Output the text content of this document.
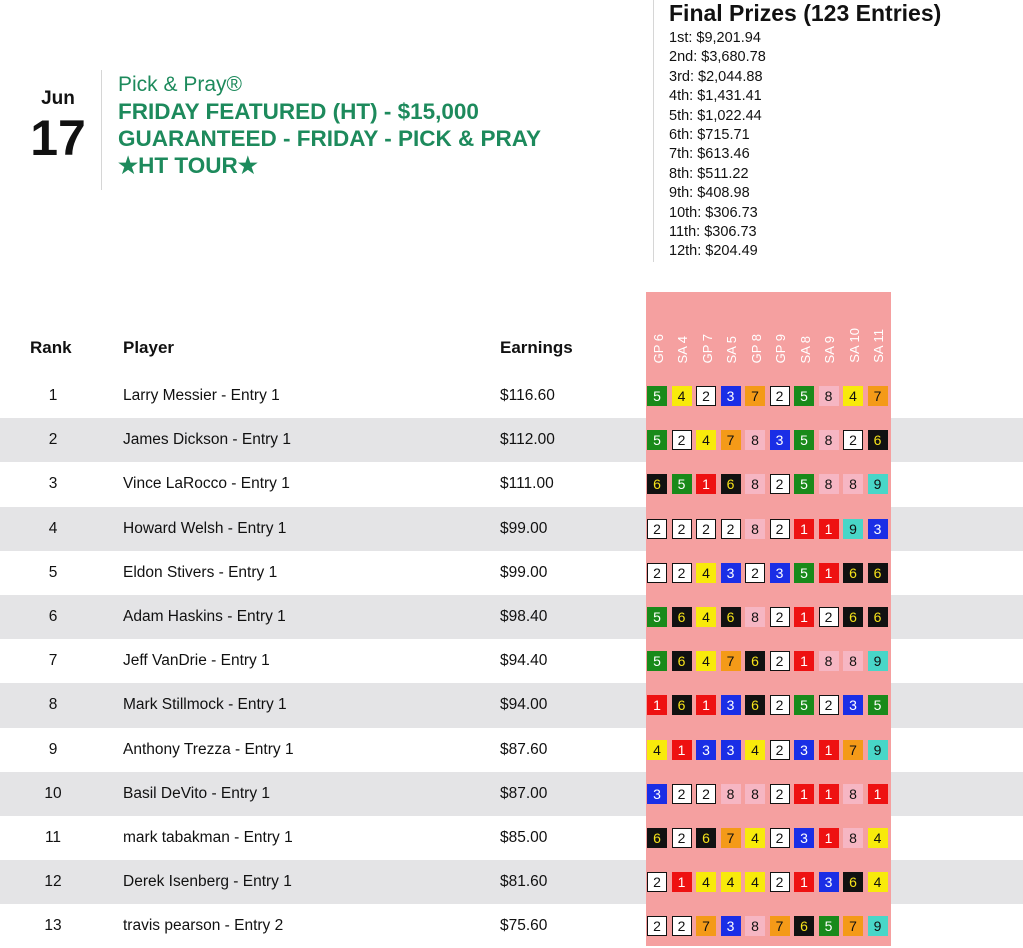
Jun
17
Pick & Pray®
FRIDAY FEATURED (HT) - $15,000
GUARANTEED - FRIDAY - PICK & PRAY
★HT TOUR★
Final Prizes (123 Entries)
1st: $9,201.94
2nd: $3,680.78
3rd: $2,044.88
4th: $1,431.41
5th: $1,022.44
6th: $715.71
7th: $613.46
8th: $511.22
9th: $408.98
10th: $306.73
11th: $306.73
12th: $204.49
Rank	Player	Earnings	GP 6 SA 4 GP 7 SA 5 GP 8 GP 9 SA 8 SA 9 SA 10 SA 11
1	Larry Messier - Entry 1	$116.60	5	4	2	3	7	2	5	8	4	7
2	James Dickson - Entry 1	$112.00	5	2	4	7	8	3	5	8	2	6
3	Vince LaRocco - Entry 1	$111.00	6	5	1	6	8	2	5	8	8	9
4	Howard Welsh - Entry 1	$99.00	2	2	2	2	8	2	1	1	9	3
5	Eldon Stivers - Entry 1	$99.00	2	2	4	3	2	3	5	1	6	6
6	Adam Haskins - Entry 1	$98.40	5	6	4	6	8	2	1	2	6	6
7	Jeff VanDrie - Entry 1	$94.40	5	6	4	7	6	2	1	8	8	9
8	Mark Stillmock - Entry 1	$94.00	1	6	1	3	6	2	5	2	3	5
9	Anthony Trezza - Entry 1	$87.60	4	1	3	3	4	2	3	1	7	9
10	Basil DeVito - Entry 1	$87.00	3	2	2	8	8	2	1	1	8	1
11	mark tabakman - Entry 1	$85.00	6	2	6	7	4	2	3	1	8	4
12	Derek Isenberg - Entry 1	$81.60	2	1	4	4	4	2	1	3	6	4
13	travis pearson - Entry 2	$75.60	2	2	7	3	8	7	6	5	7	9
